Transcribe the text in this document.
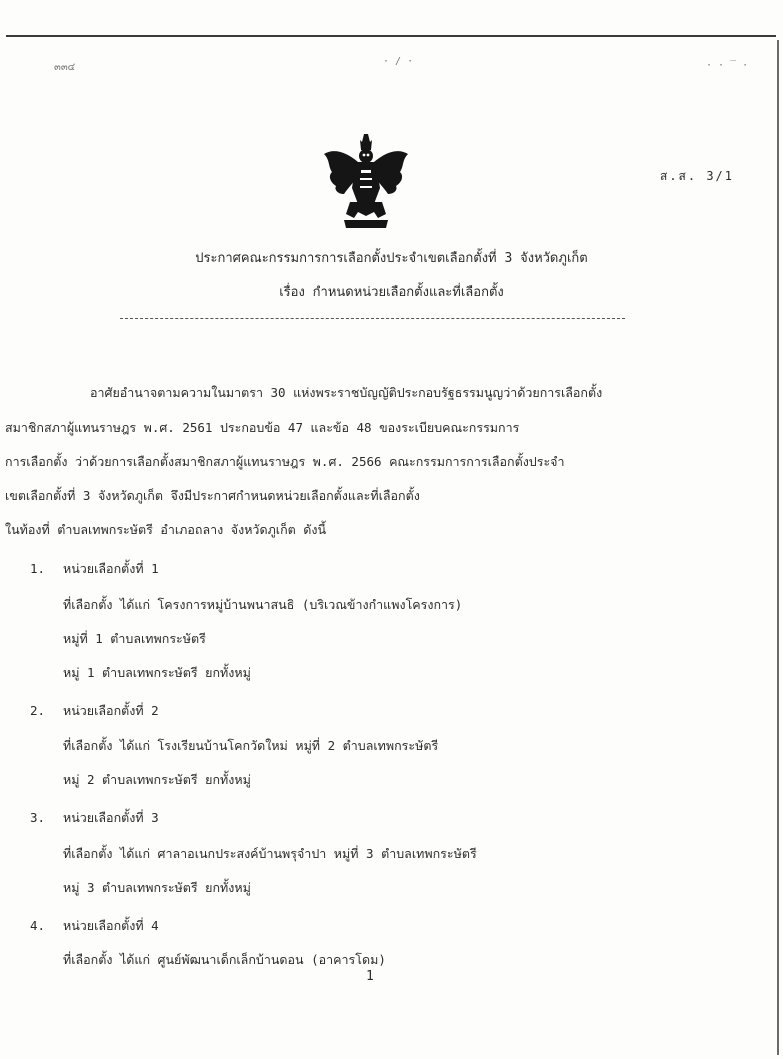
๓๓๔
· / ·	· · ‾ ·
ส.ส. 3/1
ประกาศคณะกรรมการการเลือกตั้งประจำเขตเลือกตั้งที่ 3 จังหวัดภูเก็ต
เรื่อง กำหนดหน่วยเลือกตั้งและที่เลือกตั้ง
อาศัยอำนาจตามความในมาตรา 30 แห่งพระราชบัญญัติประกอบรัฐธรรมนูญว่าด้วยการเลือกตั้ง
สมาชิกสภาผู้แทนราษฎร พ.ศ. 2561 ประกอบข้อ 47 และข้อ 48 ของระเบียบคณะกรรมการ
การเลือกตั้ง ว่าด้วยการเลือกตั้งสมาชิกสภาผู้แทนราษฎร พ.ศ. 2566 คณะกรรมการการเลือกตั้งประจำ
เขตเลือกตั้งที่ 3 จังหวัดภูเก็ต จึงมีประกาศกำหนดหน่วยเลือกตั้งและที่เลือกตั้ง
ในท้องที่ ตำบลเทพกระษัตรี อำเภอถลาง จังหวัดภูเก็ต ดังนี้
1. หน่วยเลือกตั้งที่ 1
ที่เลือกตั้ง ได้แก่ โครงการหมู่บ้านพนาสนธิ (บริเวณข้างกำแพงโครงการ)
หมู่ที่ 1 ตำบลเทพกระษัตรี
หมู่ 1 ตำบลเทพกระษัตรี ยกทั้งหมู่
2. หน่วยเลือกตั้งที่ 2
ที่เลือกตั้ง ได้แก่ โรงเรียนบ้านโคกวัดใหม่ หมู่ที่ 2 ตำบลเทพกระษัตรี
หมู่ 2 ตำบลเทพกระษัตรี ยกทั้งหมู่
3. หน่วยเลือกตั้งที่ 3
ที่เลือกตั้ง ได้แก่ ศาลาอเนกประสงค์บ้านพรุจำปา หมู่ที่ 3 ตำบลเทพกระษัตรี
หมู่ 3 ตำบลเทพกระษัตรี ยกทั้งหมู่
4. หน่วยเลือกตั้งที่ 4
ที่เลือกตั้ง ได้แก่ ศูนย์พัฒนาเด็กเล็กบ้านดอน (อาคารโดม)
1
